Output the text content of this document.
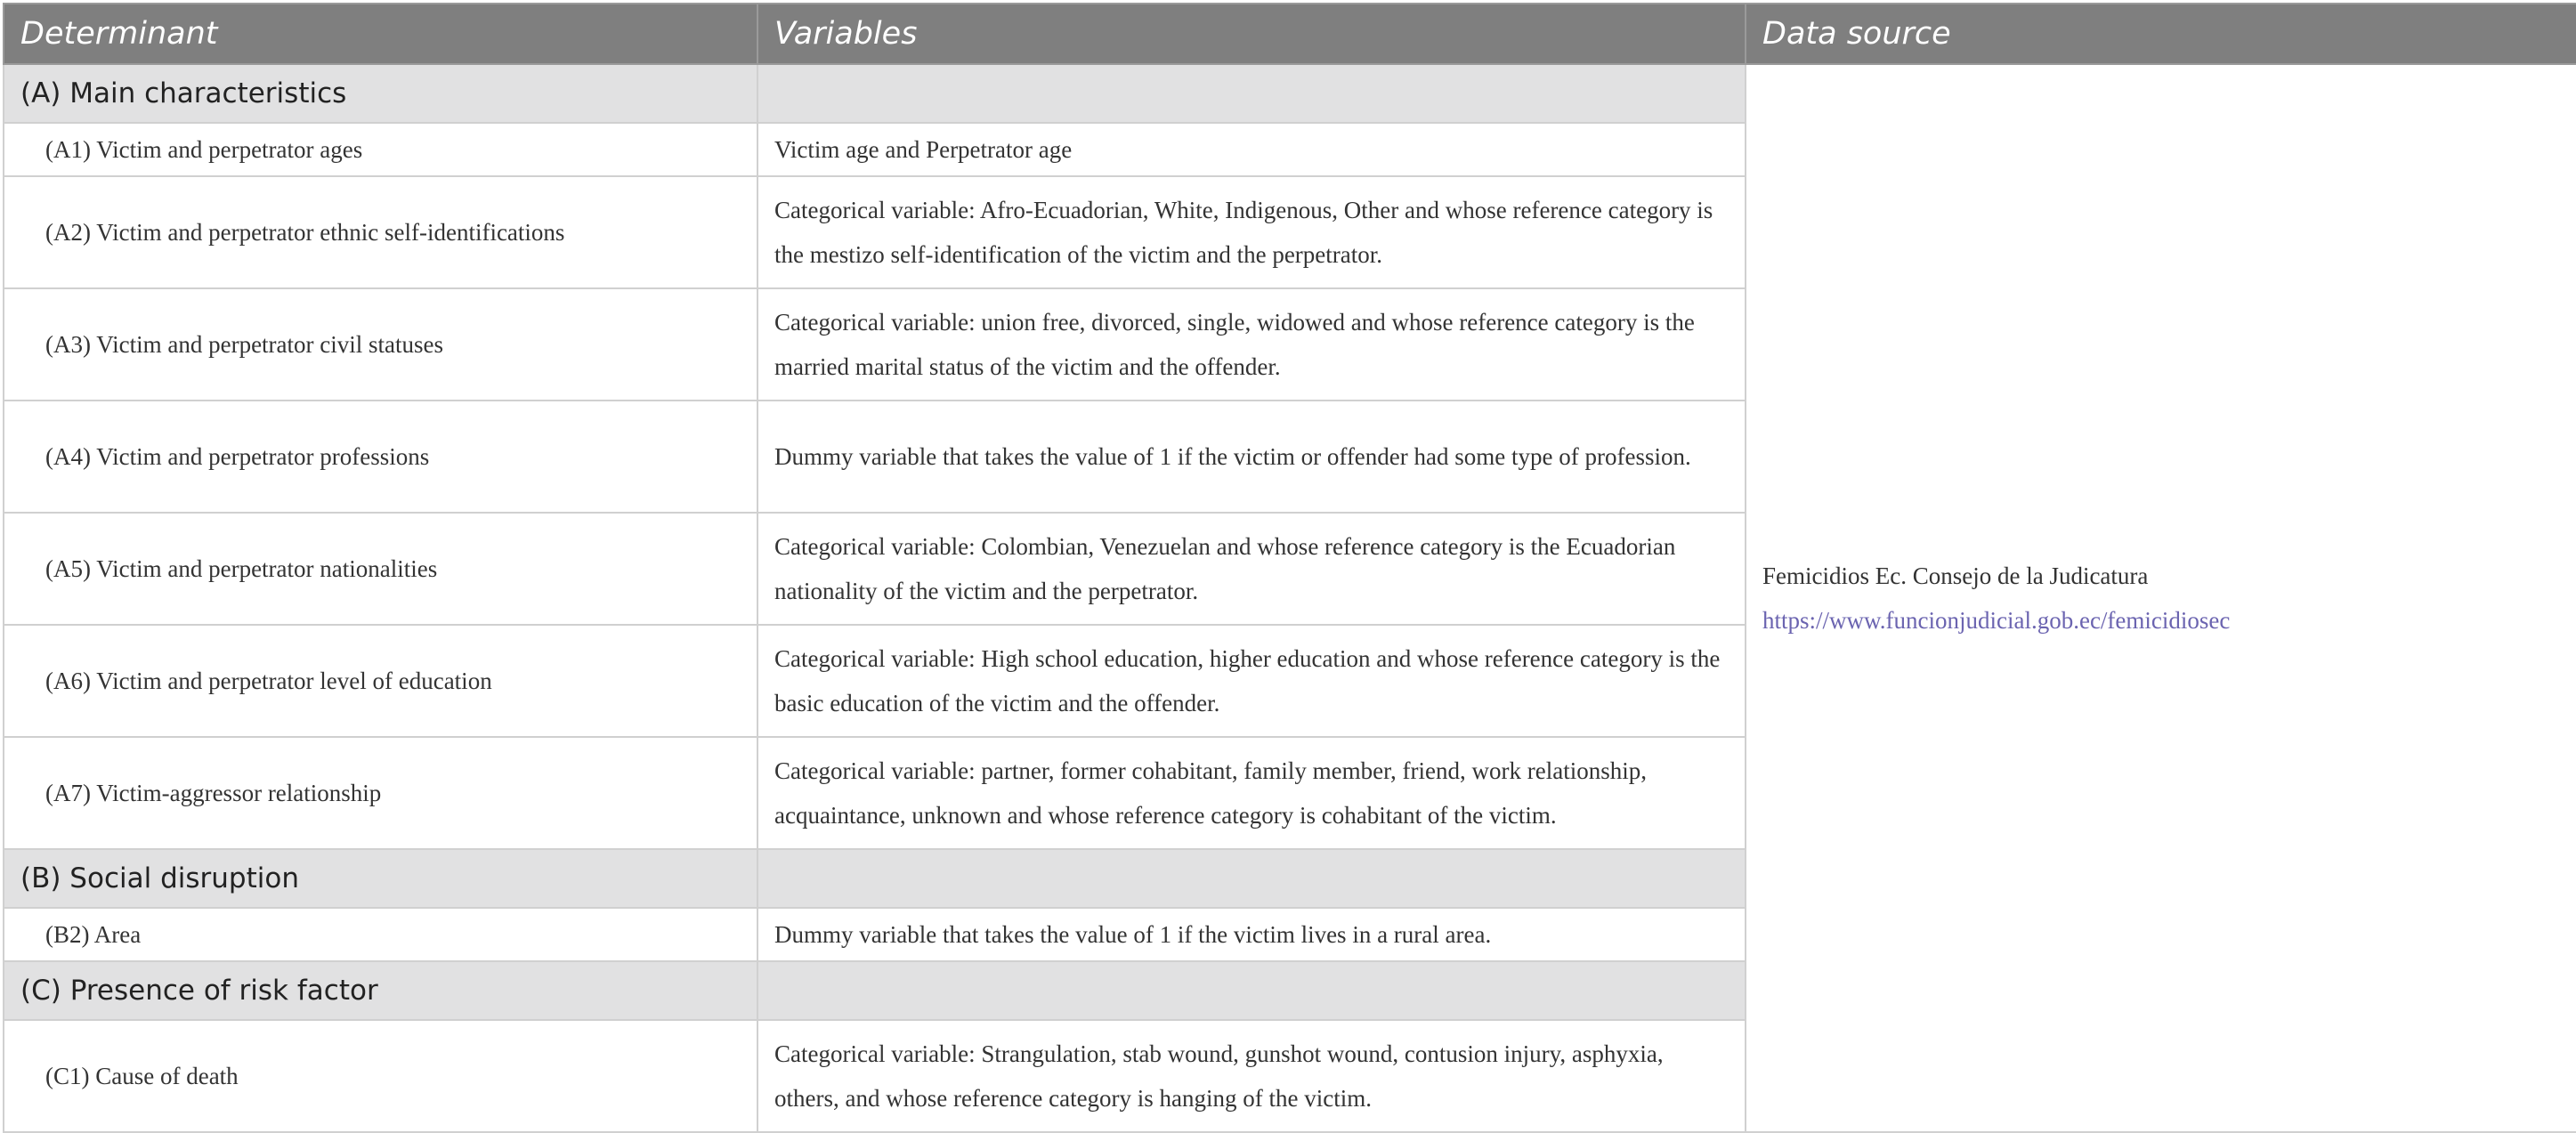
Determinant	Variables	Data source
(A) Main characteristics		Femicidios Ec. Consejo de la Judicatura
https://www.funcionjudicial.gob.ec/femicidiosec

(A1) Victim and perpetrator ages	Victim age and Perpetrator age	
(A2) Victim and perpetrator ethnic self-identifications	Categorical variable: Afro-Ecuadorian, White, Indigenous, Other and whose reference category is the mestizo self-identification of the victim and the perpetrator.	
(A3) Victim and perpetrator civil statuses	Categorical variable: union free, divorced, single, widowed and whose reference category is the married marital status of the victim and the offender.	
(A4) Victim and perpetrator professions	Dummy variable that takes the value of 1 if the victim or offender had some type of profession.	
(A5) Victim and perpetrator nationalities	Categorical variable: Colombian, Venezuelan and whose reference category is the Ecuadorian nationality of the victim and the perpetrator.	
(A6) Victim and perpetrator level of education	Categorical variable: High school education, higher education and whose reference category is the basic education of the victim and the offender.	
(A7) Victim-aggressor relationship	Categorical variable: partner, former cohabitant, family member, friend, work relationship, acquaintance, unknown and whose reference category is cohabitant of the victim.	
(B) Social disruption		
(B2) Area	Dummy variable that takes the value of 1 if the victim lives in a rural area.	
(C) Presence of risk factor		
(C1) Cause of death	Categorical variable: Strangulation, stab wound, gunshot wound, contusion injury, asphyxia, others, and whose reference category is hanging of the victim.	
